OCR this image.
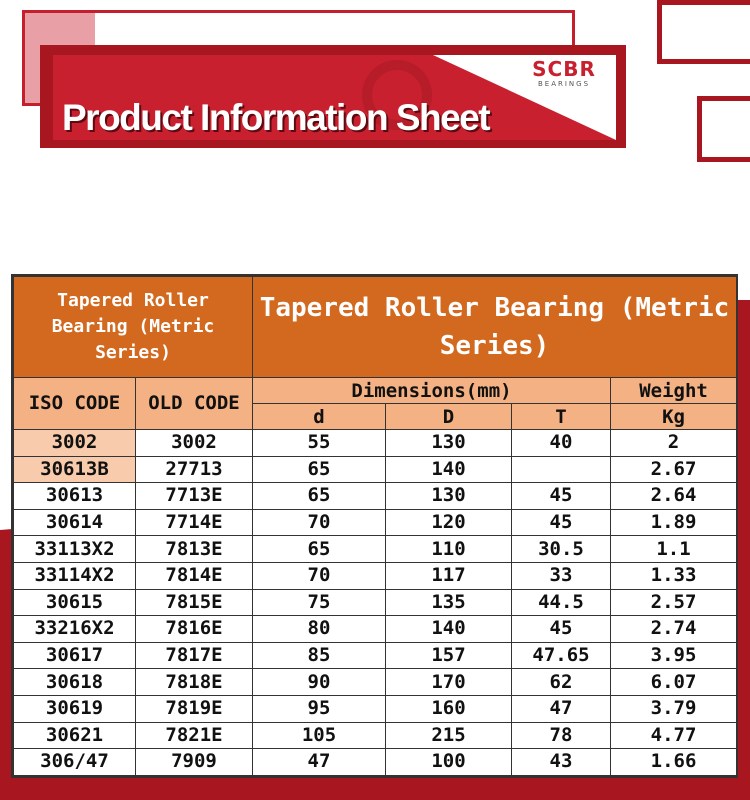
SCBR
BEARINGS
Product Information Sheet
Tapered Roller Bearing (Metric Series)		Tapered Roller Bearing (Metric Series)			
ISO CODE	OLD CODE	Dimensions(mm)			Weight
		d	D	T	Kg
3002	3002	55	130	40	2
30613B	27713	65	140		2.67
30613	7713E	65	130	45	2.64
30614	7714E	70	120	45	1.89
33113X2	7813E	65	110	30.5	1.1
33114X2	7814E	70	117	33	1.33
30615	7815E	75	135	44.5	2.57
33216X2	7816E	80	140	45	2.74
30617	7817E	85	157	47.65	3.95
30618	7818E	90	170	62	6.07
30619	7819E	95	160	47	3.79
30621	7821E	105	215	78	4.77
306/47	7909	47	100	43	1.66
